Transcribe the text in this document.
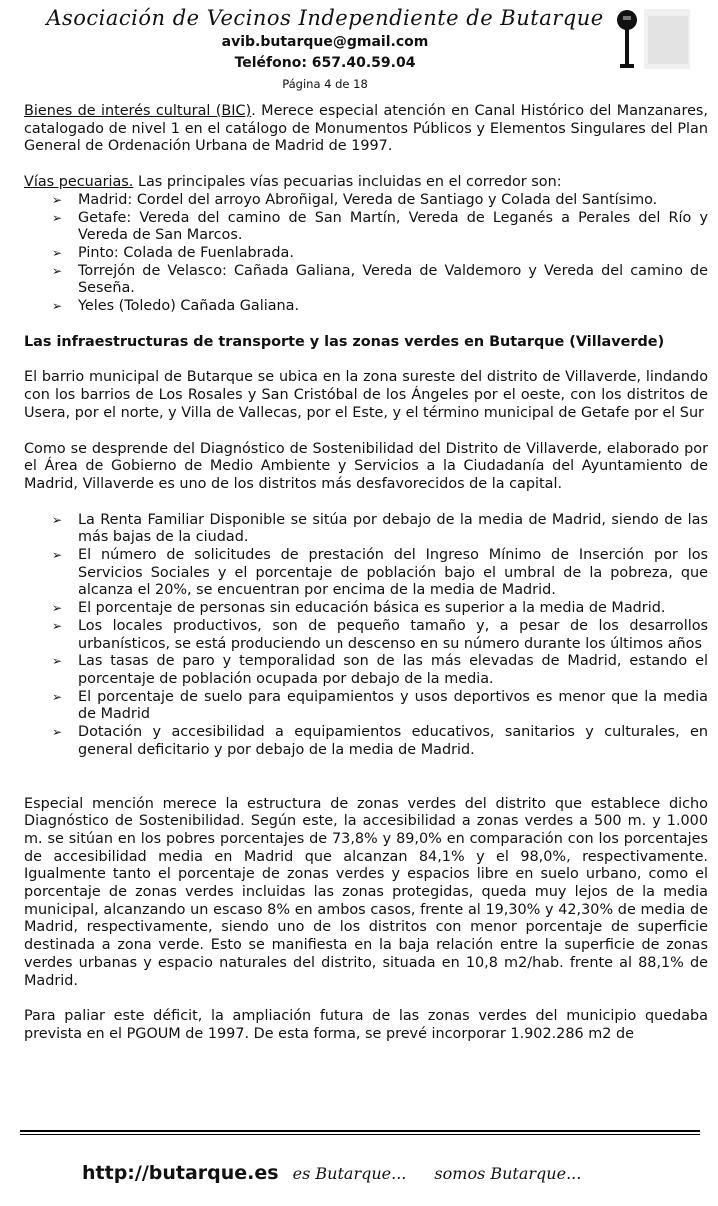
Asociación de Vecinos Independiente de Butarque
avib.butarque@gmail.com
Teléfono: 657.40.59.04
Página 4 de 18

Bienes de interés cultural (BIC). Merece especial atención en Canal Histórico del Manzanares, catalogado de nivel 1 en el catálogo de Monumentos Públicos y Elementos Singulares del Plan General de Ordenación Urbana de Madrid de 1997.

Vías pecuarias. Las principales vías pecuarias incluidas en el corredor son:

➢ Madrid: Cordel del arroyo Abroñigal, Vereda de Santiago y Colada del Santísimo.
➢ Getafe: Vereda del camino de San Martín, Vereda de Leganés a Perales del Río y Vereda de San Marcos.
➢ Pinto: Colada de Fuenlabrada.
➢ Torrejón de Velasco: Cañada Galiana, Vereda de Valdemoro y Vereda del camino de Seseña.
➢ Yeles (Toledo) Cañada Galiana.

Las infraestructuras de transporte y las zonas verdes en Butarque (Villaverde)

El barrio municipal de Butarque se ubica en la zona sureste del distrito de Villaverde, lindando con los barrios de Los Rosales y San Cristóbal de los Ángeles por el oeste, con los distritos de Usera, por el norte, y Villa de Vallecas, por el Este, y el término municipal de Getafe por el Sur

Como se desprende del Diagnóstico de Sostenibilidad del Distrito de Villaverde, elaborado por el Área de Gobierno de Medio Ambiente y Servicios a la Ciudadanía del Ayuntamiento de Madrid, Villaverde es uno de los distritos más desfavorecidos de la capital.

➢ La Renta Familiar Disponible se sitúa por debajo de la media de Madrid, siendo de las más bajas de la ciudad.
➢ El número de solicitudes de prestación del Ingreso Mínimo de Inserción por los Servicios Sociales y el porcentaje de población bajo el umbral de la pobreza, que alcanza el 20%, se encuentran por encima de la media de Madrid.
➢ El porcentaje de personas sin educación básica es superior a la media de Madrid.
➢ Los locales productivos, son de pequeño tamaño y, a pesar de los desarrollos urbanísticos, se está produciendo un descenso en su número durante los últimos años
➢ Las tasas de paro y temporalidad son de las más elevadas de Madrid, estando el porcentaje de población ocupada por debajo de la media.
➢ El porcentaje de suelo para equipamientos y usos deportivos es menor que la media de Madrid
➢ Dotación y accesibilidad a equipamientos educativos, sanitarios y culturales, en general deficitario y por debajo de la media de Madrid.

Especial mención merece la estructura de zonas verdes del distrito que establece dicho Diagnóstico de Sostenibilidad. Según este, la accesibilidad a zonas verdes a 500 m. y 1.000 m. se sitúan en los pobres porcentajes de 73,8% y 89,0% en comparación con los porcentajes de accesibilidad media en Madrid que alcanzan 84,1% y el 98,0%, respectivamente. Igualmente tanto el porcentaje de zonas verdes y espacios libre en suelo urbano, como el porcentaje de zonas verdes incluidas las zonas protegidas, queda muy lejos de la media municipal, alcanzando un escaso 8% en ambos casos, frente al 19,30% y 42,30% de media de Madrid, respectivamente, siendo uno de los distritos con menor porcentaje de superficie destinada a zona verde. Esto se manifiesta en la baja relación entre la superficie de zonas verdes urbanas y espacio naturales del distrito, situada en 10,8 m2/hab. frente al 88,1% de Madrid.

Para paliar este déficit, la ampliación futura de las zonas verdes del municipio quedaba prevista en el PGOUM de 1997. De esta forma, se prevé incorporar 1.902.286 m2 de

http://butarque.es es Butarque... somos Butarque...
